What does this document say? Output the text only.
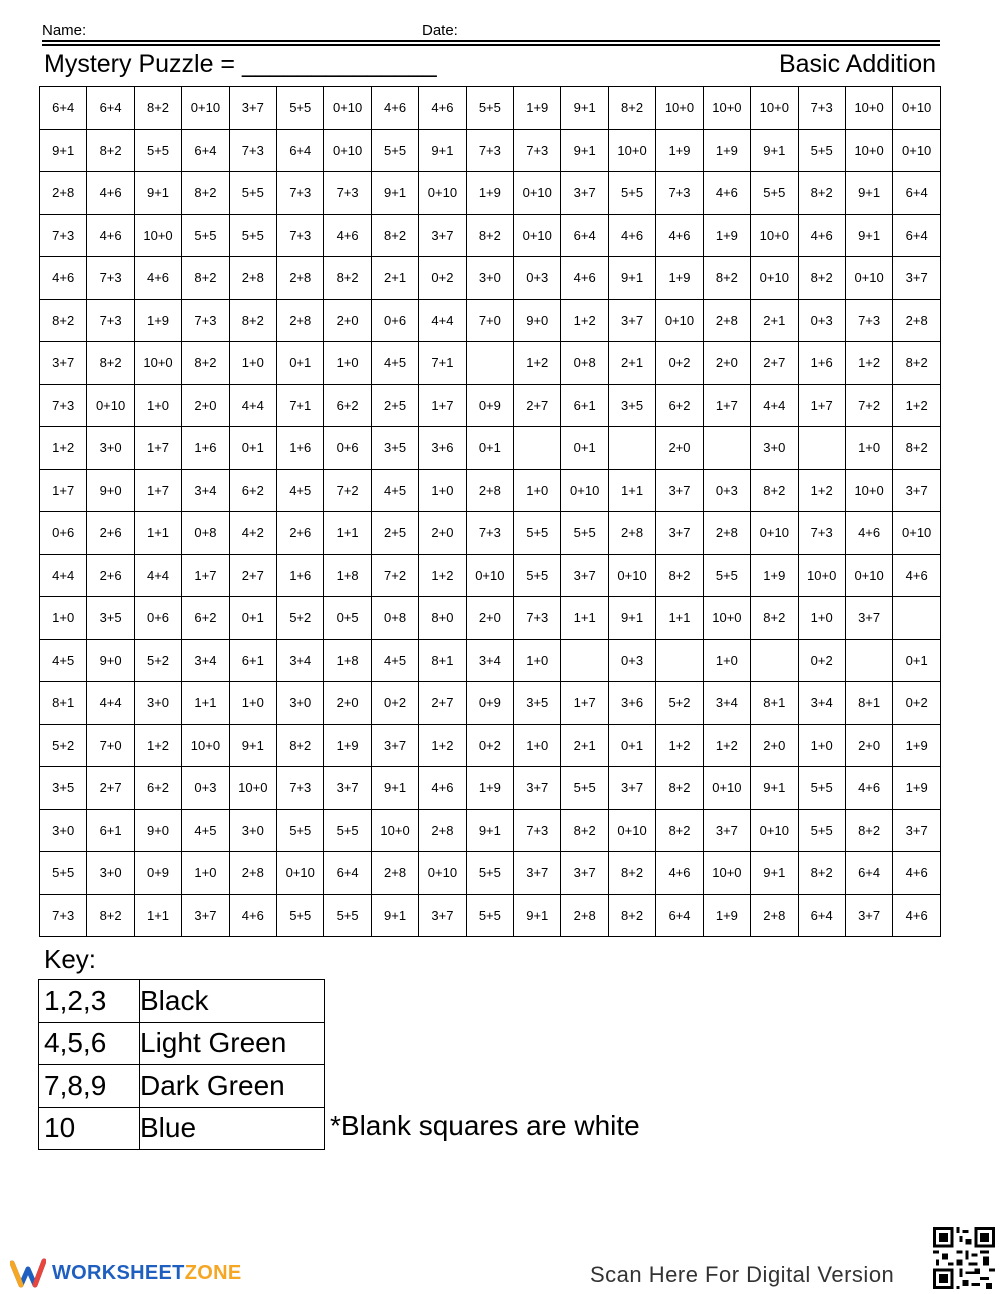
Name:	Date:
Mystery Puzzle = ______________	Basic Addition
6+4	6+4	8+2	0+10	3+7	5+5	0+10	4+6	4+6	5+5	1+9	9+1	8+2	10+0	10+0	10+0	7+3	10+0	0+10
9+1	8+2	5+5	6+4	7+3	6+4	0+10	5+5	9+1	7+3	7+3	9+1	10+0	1+9	1+9	9+1	5+5	10+0	0+10
2+8	4+6	9+1	8+2	5+5	7+3	7+3	9+1	0+10	1+9	0+10	3+7	5+5	7+3	4+6	5+5	8+2	9+1	6+4
7+3	4+6	10+0	5+5	5+5	7+3	4+6	8+2	3+7	8+2	0+10	6+4	4+6	4+6	1+9	10+0	4+6	9+1	6+4
4+6	7+3	4+6	8+2	2+8	2+8	8+2	2+1	0+2	3+0	0+3	4+6	9+1	1+9	8+2	0+10	8+2	0+10	3+7
8+2	7+3	1+9	7+3	8+2	2+8	2+0	0+6	4+4	7+0	9+0	1+2	3+7	0+10	2+8	2+1	0+3	7+3	2+8
3+7	8+2	10+0	8+2	1+0	0+1	1+0	4+5	7+1		1+2	0+8	2+1	0+2	2+0	2+7	1+6	1+2	8+2
7+3	0+10	1+0	2+0	4+4	7+1	6+2	2+5	1+7	0+9	2+7	6+1	3+5	6+2	1+7	4+4	1+7	7+2	1+2
1+2	3+0	1+7	1+6	0+1	1+6	0+6	3+5	3+6	0+1		0+1		2+0		3+0		1+0	8+2
1+7	9+0	1+7	3+4	6+2	4+5	7+2	4+5	1+0	2+8	1+0	0+10	1+1	3+7	0+3	8+2	1+2	10+0	3+7
0+6	2+6	1+1	0+8	4+2	2+6	1+1	2+5	2+0	7+3	5+5	5+5	2+8	3+7	2+8	0+10	7+3	4+6	0+10
4+4	2+6	4+4	1+7	2+7	1+6	1+8	7+2	1+2	0+10	5+5	3+7	0+10	8+2	5+5	1+9	10+0	0+10	4+6
1+0	3+5	0+6	6+2	0+1	5+2	0+5	0+8	8+0	2+0	7+3	1+1	9+1	1+1	10+0	8+2	1+0	3+7	
4+5	9+0	5+2	3+4	6+1	3+4	1+8	4+5	8+1	3+4	1+0		0+3		1+0		0+2		0+1
8+1	4+4	3+0	1+1	1+0	3+0	2+0	0+2	2+7	0+9	3+5	1+7	3+6	5+2	3+4	8+1	3+4	8+1	0+2
5+2	7+0	1+2	10+0	9+1	8+2	1+9	3+7	1+2	0+2	1+0	2+1	0+1	1+2	1+2	2+0	1+0	2+0	1+9
3+5	2+7	6+2	0+3	10+0	7+3	3+7	9+1	4+6	1+9	3+7	5+5	3+7	8+2	0+10	9+1	5+5	4+6	1+9
3+0	6+1	9+0	4+5	3+0	5+5	5+5	10+0	2+8	9+1	7+3	8+2	0+10	8+2	3+7	0+10	5+5	8+2	3+7
5+5	3+0	0+9	1+0	2+8	0+10	6+4	2+8	0+10	5+5	3+7	3+7	8+2	4+6	10+0	9+1	8+2	6+4	4+6
7+3	8+2	1+1	3+7	4+6	5+5	5+5	9+1	3+7	5+5	9+1	2+8	8+2	6+4	1+9	2+8	6+4	3+7	4+6
Key:
1,2,3	Black
4,5,6	Light Green
7,8,9	Dark Green
10	Blue	*Blank squares are white
WORKSHEETZONE	Scan Here For Digital Version
